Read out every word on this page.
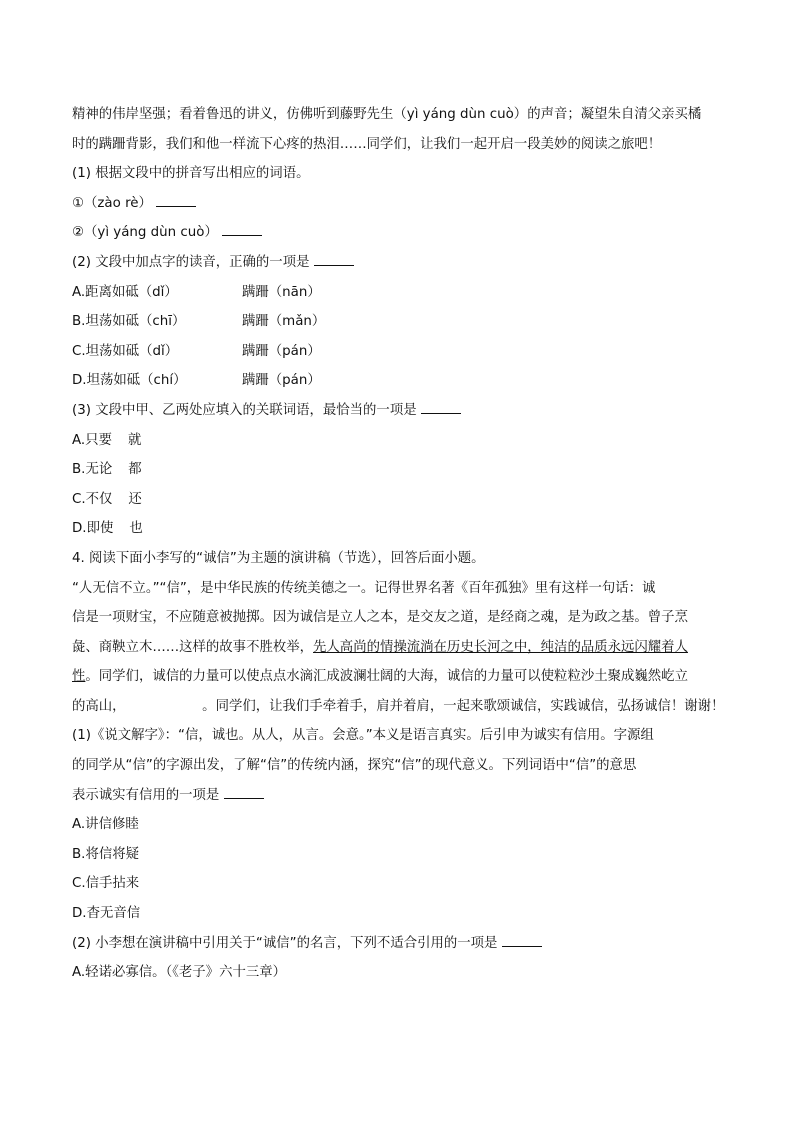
精神的伟岸坚强；看着鲁迅的讲义，仿佛听到藤野先生（yì yáng dùn cuò）的声音；凝望朱自清父亲买橘
时的蹒跚背影，我们和他一样流下心疼的热泪……同学们，让我们一起开启一段美妙的阅读之旅吧！
(1) 根据文段中的拼音写出相应的词语。
①（zào rè）
②（yì yáng dùn cuò）
(2) 文段中加点字的读音，正确的一项是
A.距离如砥（dǐ）	蹒跚（nān）
B.坦荡如砥（chī）	蹒跚（mǎn）
C.坦荡如砥（dǐ）	蹒跚（pán）
D.坦荡如砥（chí）	蹒跚（pán）
(3) 文段中甲、乙两处应填入的关联词语，最恰当的一项是
A.只要 就
B.无论 都
C.不仅 还
D.即使 也
4. 阅读下面小李写的“诚信”为主题的演讲稿（节选），回答后面小题。
“人无信不立。”“信”，是中华民族的传统美德之一。记得世界名著《百年孤独》里有这样一句话：诚
信是一项财宝，不应随意被抛掷。因为诚信是立人之本，是交友之道，是经商之魂，是为政之基。曾子烹
彘、商鞅立木……这样的故事不胜枚举，先人高尚的情操流淌在历史长河之中，纯洁的品质永远闪耀着人
性。同学们，诚信的力量可以使点点水滴汇成波澜壮阔的大海，诚信的力量可以使粒粒沙土聚成巍然屹立
的高山，                  。同学们，让我们手牵着手，肩并着肩，一起来歌颂诚信，实践诚信，弘扬诚信！谢谢！
(1)《说文解字》：“信，诚也。从人，从言。会意。”本义是语言真实。后引申为诚实有信用。字源组
的同学从“信”的字源出发，了解“信”的传统内涵，探究“信”的现代意义。下列词语中“信”的意思
表示诚实有信用的一项是
A.讲信修睦
B.将信将疑
C.信手拈来
D.杳无音信
(2) 小李想在演讲稿中引用关于“诚信”的名言，下列不适合引用的一项是
A.轻诺必寡信。（《老子》六十三章）
